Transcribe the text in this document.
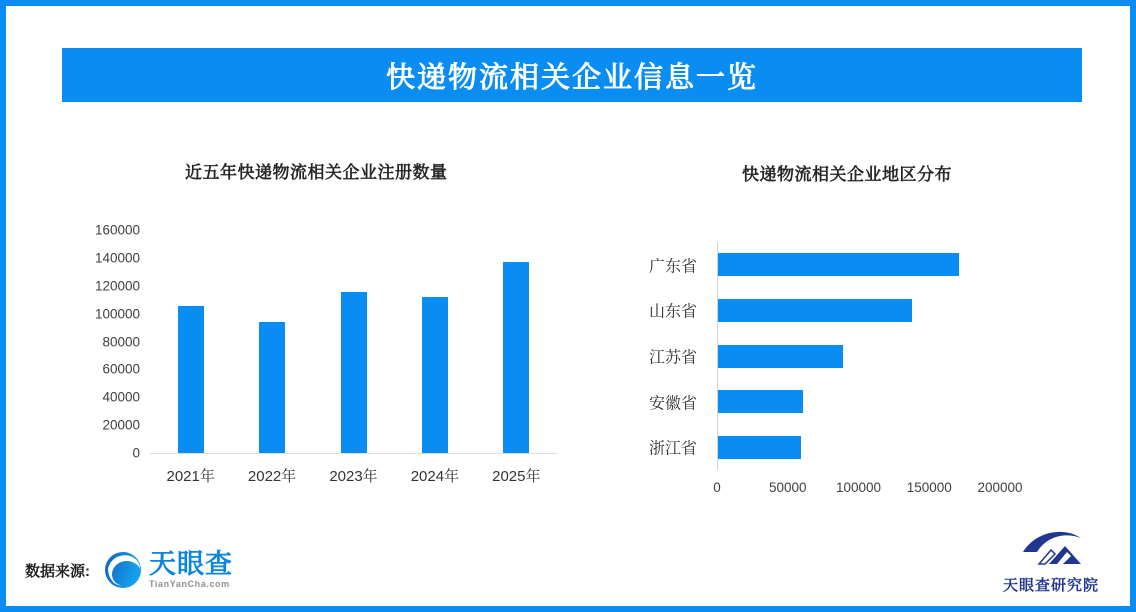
快递物流相关企业信息一览
近五年快递物流相关企业注册数量
0
20000
40000
60000
80000
100000
120000
140000
160000
2021年 2022年 2023年 2024年 2025年
快递物流相关企业地区分布
广东省
山东省
江苏省
安徽省
浙江省
0	50000 100000 150000 200000
数据来源: 天眼查
TianYanCha.com	天眼查研究院
